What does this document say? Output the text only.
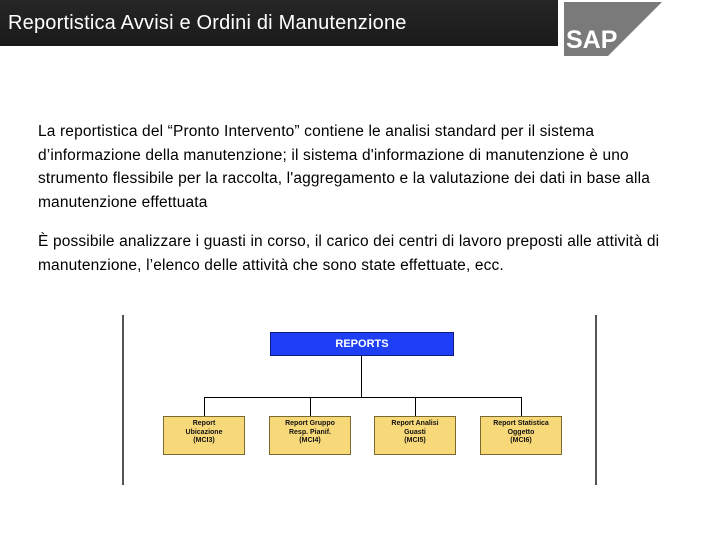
Reportistica Avvisi e Ordini di Manutenzione
SAP

La reportistica del “Pronto Intervento” contiene le analisi standard per il sistema d’informazione della manutenzione; il sistema d'informazione di manutenzione è uno strumento flessibile per la raccolta, l'aggregamento e la valutazione dei dati in base alla manutenzione effettuata

È possibile analizzare i guasti in corso, il carico dei centri di lavoro preposti alle attività di manutenzione, l’elenco delle attività che sono state effettuate, ecc.

REPORTS
Report
Ubicazione
(MCI3)
Report Gruppo
Resp. Pianif.
(MCI4)
Report Analisi
Guasti
(MCI5)
Report Statistica
Oggetto
(MCI6)
